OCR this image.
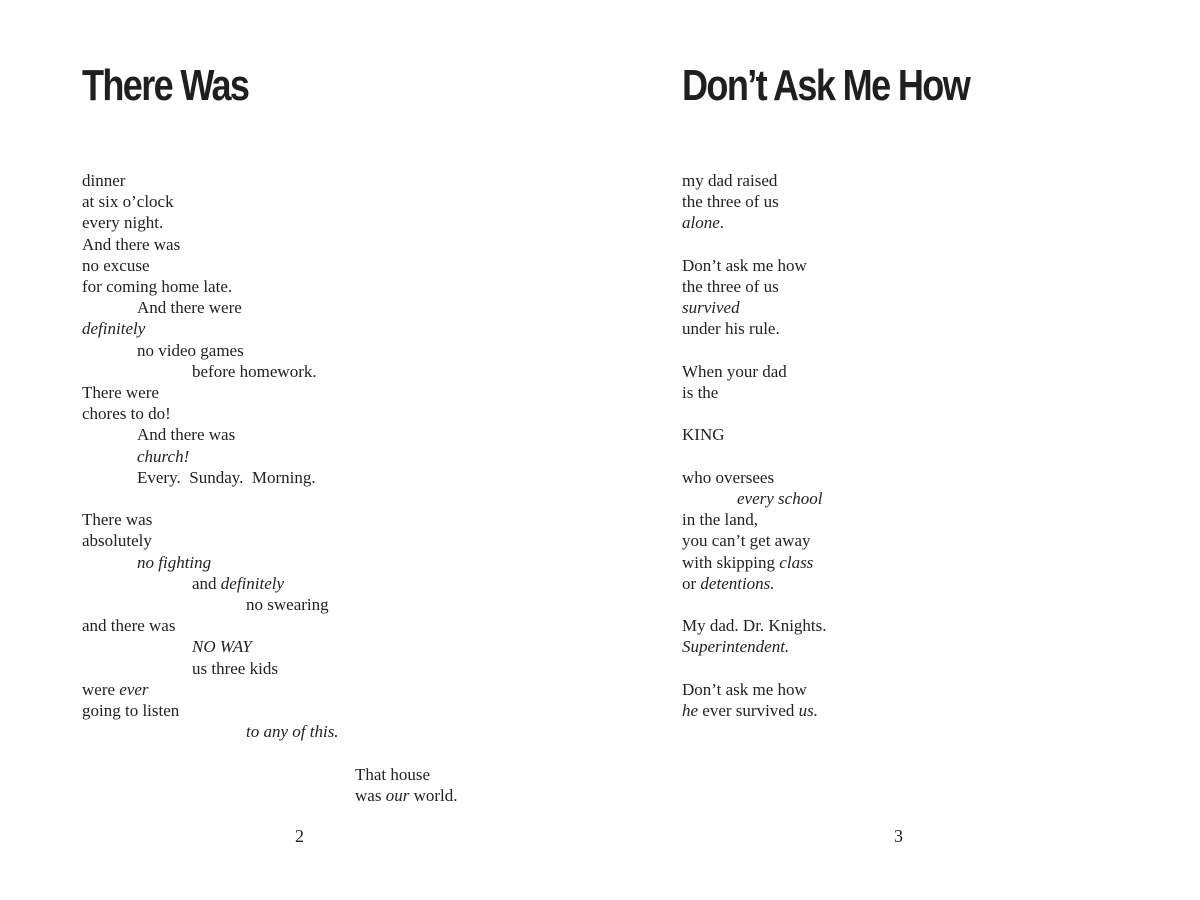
There Was
dinner
at six o’clock
every night.
And there was
no excuse
for coming home late.
And there were
definitely
no video games
before homework.
There were
chores to do!
And there was
church!
Every.  Sunday.  Morning.
There was
absolutely
no fighting
and definitely
no swearing
and there was
NO WAY
us three kids
were ever
going to listen
to any of this.
That house
was our world.
2
Don’t Ask Me How
my dad raised
the three of us
alone.
Don’t ask me how
the three of us
survived
under his rule.
When your dad
is the
KING
who oversees
every school
in the land,
you can’t get away
with skipping class
or detentions.
My dad. Dr. Knights.
Superintendent.
Don’t ask me how
he ever survived us.
3
